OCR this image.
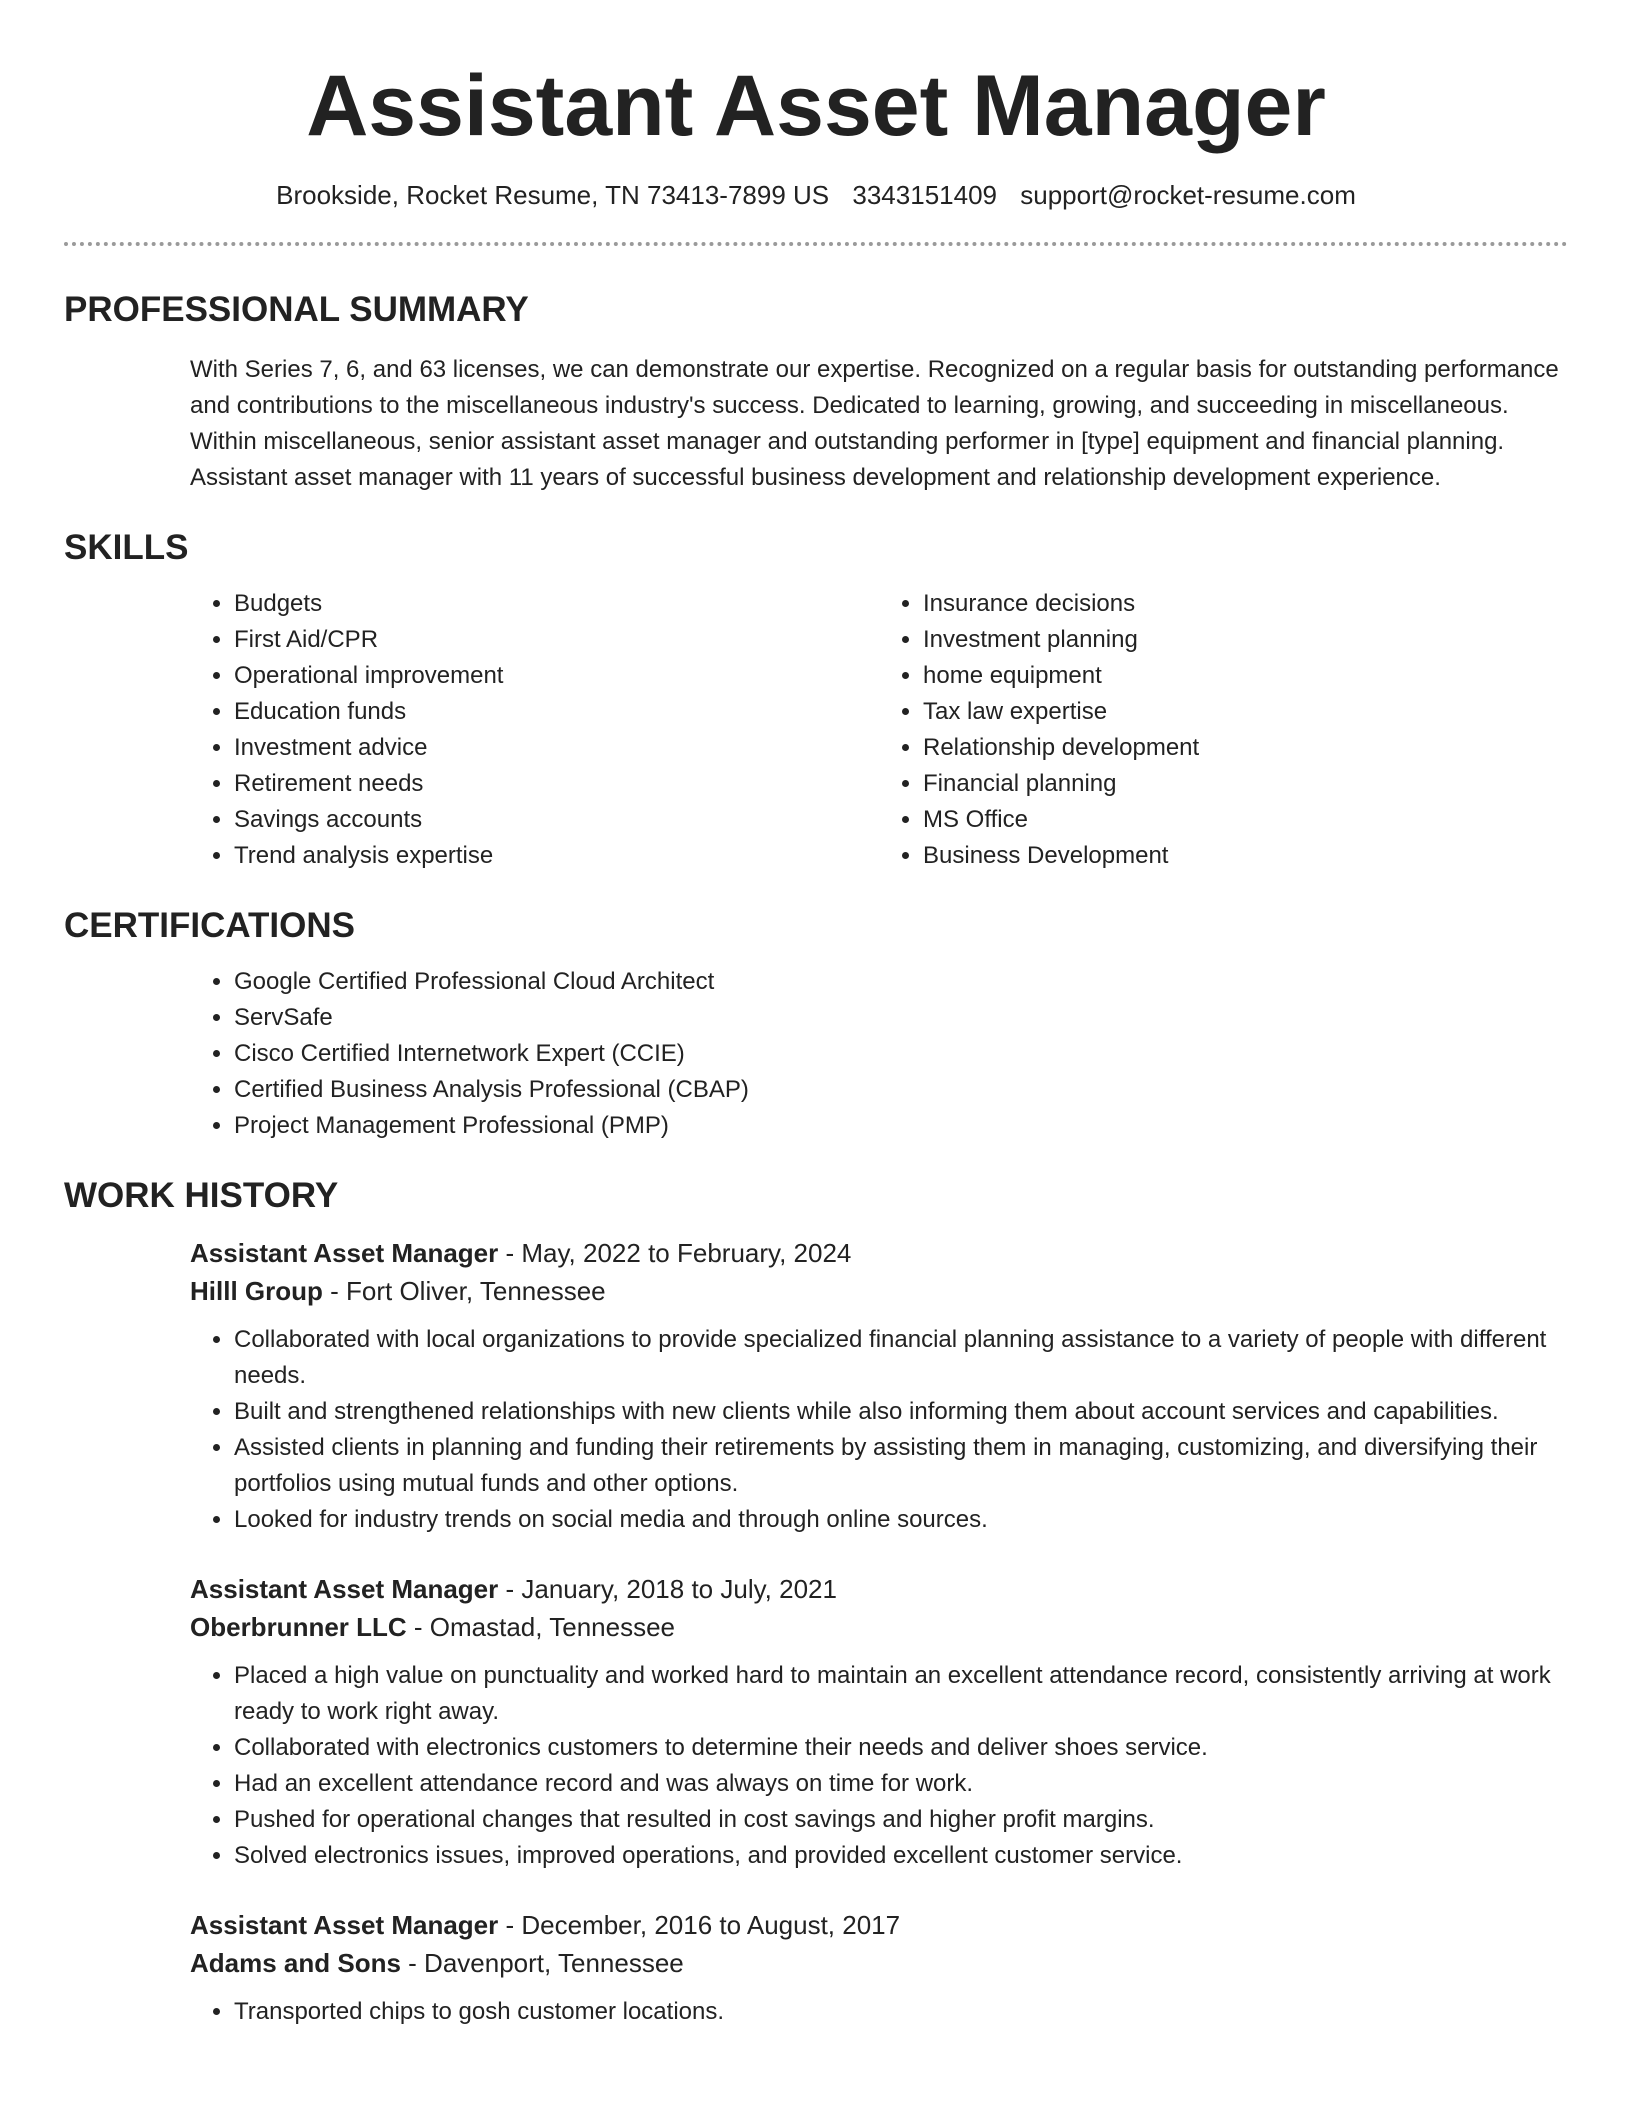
Assistant Asset Manager
Brookside, Rocket Resume, TN 73413-7899 US 3343151409 support@rocket-resume.com
PROFESSIONAL SUMMARY

With Series 7, 6, and 63 licenses, we can demonstrate our expertise. Recognized on a regular basis for outstanding performance and contributions to the miscellaneous industry's success. Dedicated to learning, growing, and succeeding in miscellaneous. Within miscellaneous, senior assistant asset manager and outstanding performer in [type] equipment and financial planning. Assistant asset manager with 11 years of successful business development and relationship development experience.

SKILLS
• Budgets
• First Aid/CPR
• Operational improvement
• Education funds
• Investment advice
• Retirement needs
• Savings accounts
• Trend analysis expertise
• Insurance decisions
• Investment planning
• home equipment
• Tax law expertise
• Relationship development
• Financial planning
• MS Office
• Business Development
CERTIFICATIONS
• Google Certified Professional Cloud Architect
• ServSafe
• Cisco Certified Internetwork Expert (CCIE)
• Certified Business Analysis Professional (CBAP)
• Project Management Professional (PMP)
WORK HISTORY
Assistant Asset Manager - May, 2022 to February, 2024
Hilll Group - Fort Oliver, Tennessee
• Collaborated with local organizations to provide specialized financial planning assistance to a variety of people with different needs.
• Built and strengthened relationships with new clients while also informing them about account services and capabilities.
• Assisted clients in planning and funding their retirements by assisting them in managing, customizing, and diversifying their portfolios using mutual funds and other options.
• Looked for industry trends on social media and through online sources.
Assistant Asset Manager - January, 2018 to July, 2021
Oberbrunner LLC - Omastad, Tennessee
• Placed a high value on punctuality and worked hard to maintain an excellent attendance record, consistently arriving at work ready to work right away.
• Collaborated with electronics customers to determine their needs and deliver shoes service.
• Had an excellent attendance record and was always on time for work.
• Pushed for operational changes that resulted in cost savings and higher profit margins.
• Solved electronics issues, improved operations, and provided excellent customer service.
Assistant Asset Manager - December, 2016 to August, 2017
Adams and Sons - Davenport, Tennessee
• Transported chips to gosh customer locations.
